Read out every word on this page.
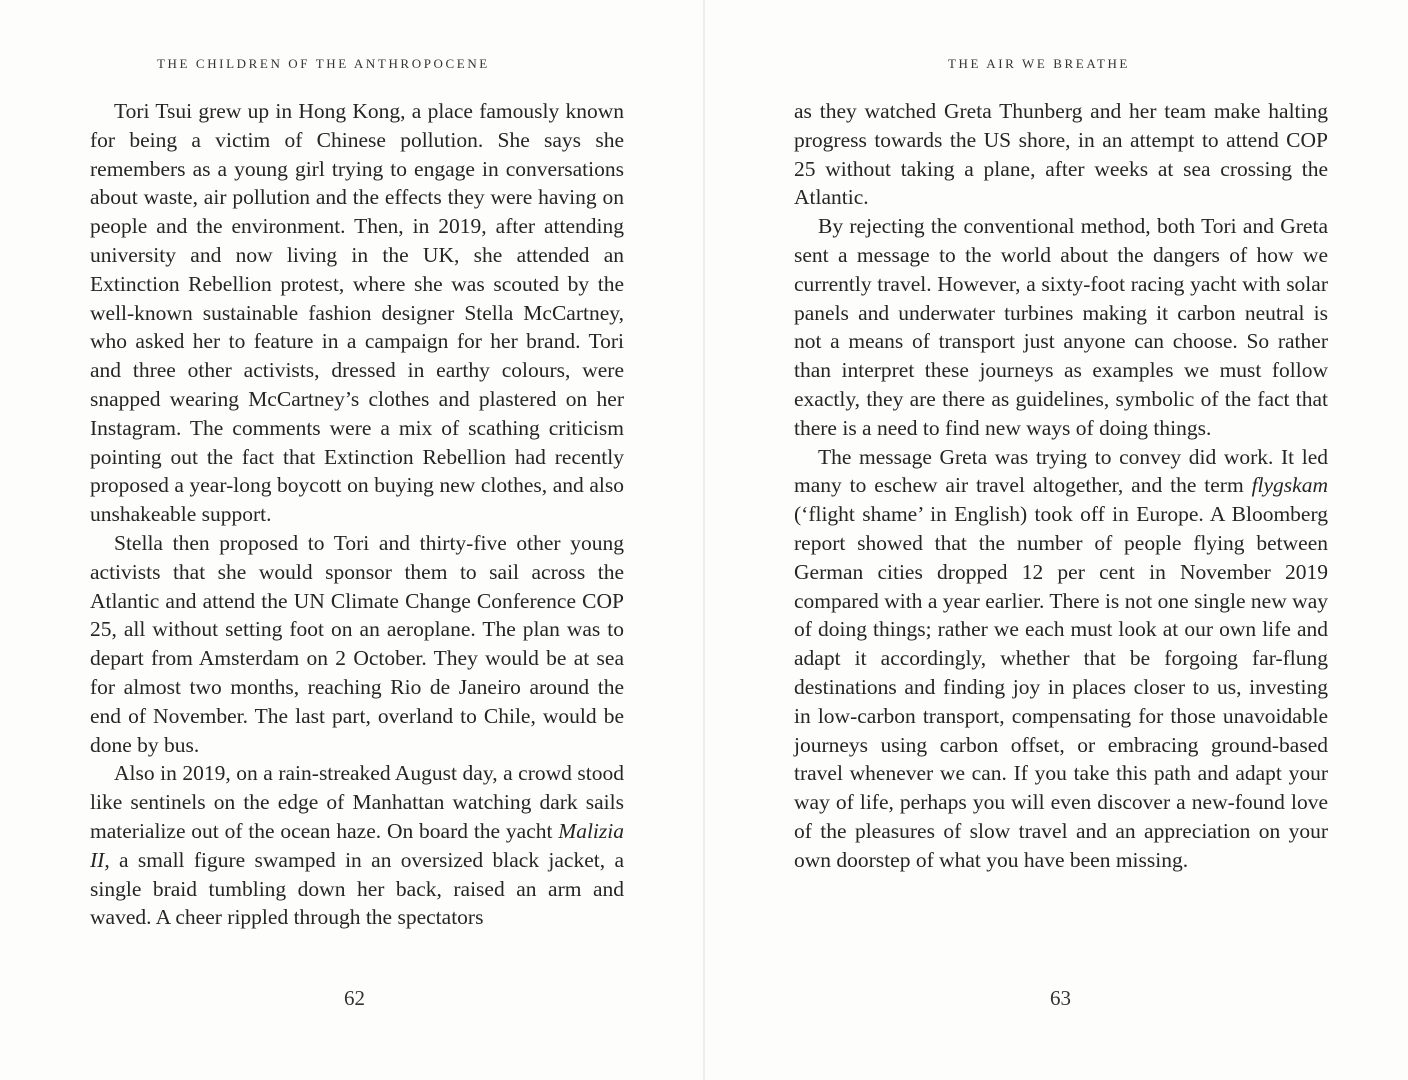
THE CHILDREN OF THE ANTHROPOCENE

Tori Tsui grew up in Hong Kong, a place famously known for being a victim of Chinese pollution. She says she remembers as a young girl trying to engage in conversations about waste, air pollution and the effects they were having on people and the environment. Then, in 2019, after attending university and now living in the UK, she attended an Extinction Rebellion protest, where she was scouted by the well-known sustainable fashion designer Stella McCartney, who asked her to feature in a campaign for her brand. Tori and three other activists, dressed in earthy colours, were snapped wearing McCartney’s clothes and plastered on her Instagram. The comments were a mix of scathing criticism pointing out the fact that Extinction Rebellion had recently proposed a year-long boycott on buying new clothes, and also unshakeable support.

Stella then proposed to Tori and thirty-five other young activists that she would sponsor them to sail across the Atlantic and attend the UN Climate Change Conference COP 25, all without setting foot on an aeroplane. The plan was to depart from Amsterdam on 2 October. They would be at sea for almost two months, reaching Rio de Janeiro around the end of November. The last part, overland to Chile, would be done by bus.

Also in 2019, on a rain-streaked August day, a crowd stood like sentinels on the edge of Manhattan watching dark sails materialize out of the ocean haze. On board the yacht Malizia II, a small figure swamped in an oversized black jacket, a single braid tumbling down her back, raised an arm and waved. A cheer rippled through the spectators

62
THE AIR WE BREATHE

as they watched Greta Thunberg and her team make halting progress towards the US shore, in an attempt to attend COP 25 without taking a plane, after weeks at sea crossing the Atlantic.

By rejecting the conventional method, both Tori and Greta sent a message to the world about the dangers of how we currently travel. However, a sixty-foot racing yacht with solar panels and underwater turbines making it carbon neutral is not a means of transport just anyone can choose. So rather than interpret these journeys as examples we must follow exactly, they are there as guidelines, symbolic of the fact that there is a need to find new ways of doing things.

The message Greta was trying to convey did work. It led many to eschew air travel altogether, and the term flygskam (‘flight shame’ in English) took off in Europe. A Bloomberg report showed that the number of people flying between German cities dropped 12 per cent in November 2019 compared with a year earlier. There is not one single new way of doing things; rather we each must look at our own life and adapt it accordingly, whether that be forgoing far-flung destinations and finding joy in places closer to us, investing in low-carbon transport, compensating for those unavoidable journeys using carbon offset, or embracing ground-based travel whenever we can. If you take this path and adapt your way of life, perhaps you will even discover a new-found love of the pleasures of slow travel and an appreciation on your own doorstep of what you have been missing.

63
